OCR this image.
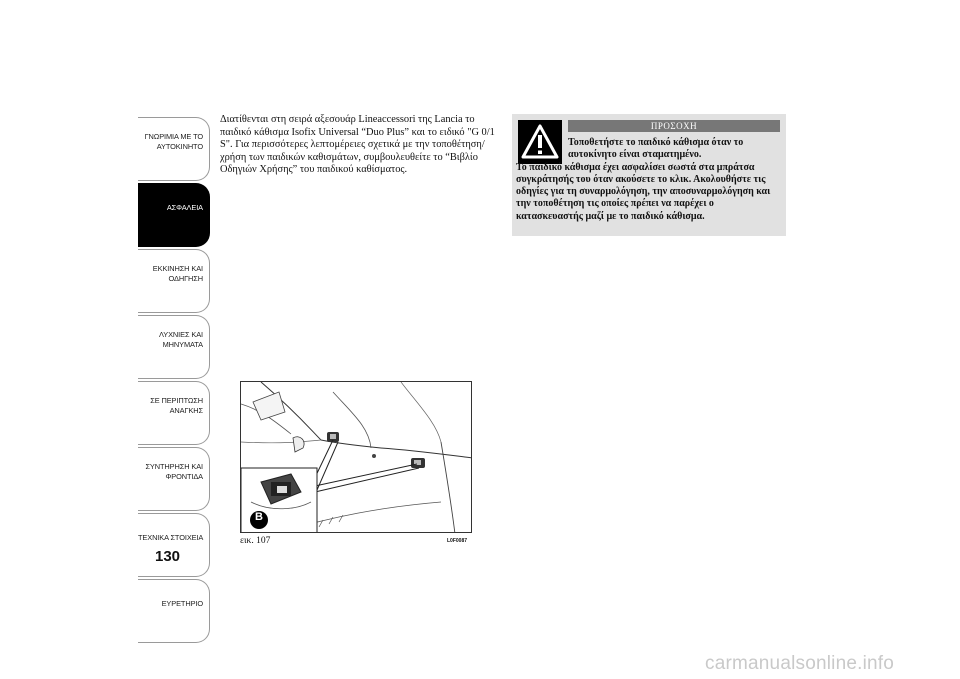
ΓΝΩΡΙΜΙΑ ΜΕ ΤΟ
ΑΥΤΟΚΙΝΗΤΟ
ΑΣΦΑΛΕΙΑ
ΕΚΚΙΝΗΣΗ ΚΑΙ
ΟΔΗΓΗΣΗ
ΛΥΧΝΙΕΣ ΚΑΙ
ΜΗΝΥΜΑΤΑ
ΣΕ ΠΕΡΙΠΤΩΣΗ
ΑΝΑΓΚΗΣ
ΣΥΝΤΗΡΗΣΗ ΚΑΙ
ΦΡΟΝΤΙΔΑ
ΤΕΧΝΙΚΑ ΣΤΟΙΧΕΙΑ
ΕΥΡΕΤΗΡΙΟ
130
Διατίθενται στη σειρά αξεσουάρ Lineaccessori της Lancia το παιδικό κάθισμα Isofix Universal “Duo Plus” και το ειδικό "G 0/1 S". Για περισσότερες λεπτομέρειες σχετικά με την τοποθέτηση/χρήση των παιδικών καθισμάτων, συμβουλευθείτε το “Βιβλίο Οδηγιών Χρήσης” του παιδικού καθίσματος.
ΠΡΟΣΟΧΗ
Τοποθετήστε το παιδικό κάθισμα όταν το αυτοκίνητο είναι σταματημένο.
Το παιδικό κάθισμα έχει ασφαλίσει σωστά στα μπράτσα συγκράτησής του όταν ακούσετε το κλικ. Ακολουθήστε τις οδηγίες για τη συναρμολόγηση, την αποσυναρμολόγηση και την τοποθέτηση τις οποίες πρέπει να παρέχει ο κατασκευαστής μαζί με το παιδικό κάθισμα.
B
εικ. 107	L0F0087
carmanualsonline.info
